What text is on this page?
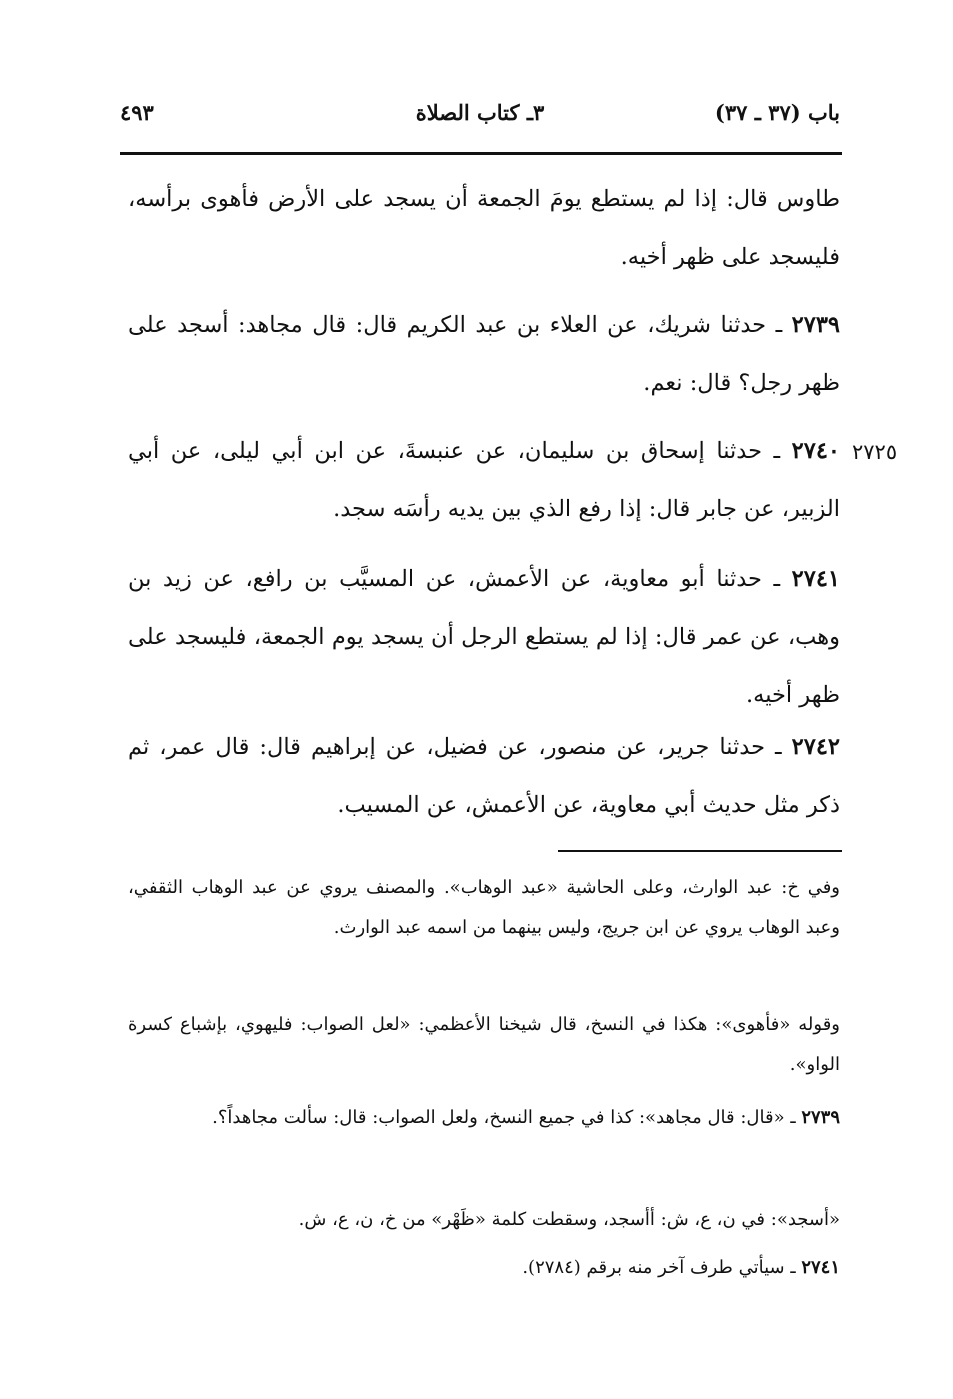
باب (٣٧ ـ ٣٧)
٣ـ كتاب الصلاة
٤٩٣

طاوس قال: إذا لم يستطع يومَ الجمعة أن يسجد على الأرض فأهوى برأسه، فليسجد على ظهر أخيه.

٢٧٣٩ ـ حدثنا شريك، عن العلاء بن عبد الكريم قال: قال مجاهد: أسجد على ظهر رجل؟ قال: نعم.

٢٧٢٥

٢٧٤٠ ـ حدثنا إسحاق بن سليمان، عن عنبسةَ، عن ابن أبي ليلى، عن أبي الزبير، عن جابر قال: إذا رفع الذي بين يديه رأسَه سجد.

٢٧٤١ ـ حدثنا أبو معاوية، عن الأعمش، عن المسيَّب بن رافع، عن زيد بن وهب، عن عمر قال: إذا لم يستطع الرجل أن يسجد يوم الجمعة، فليسجد على ظهر أخيه.

٢٧٤٢ ـ حدثنا جرير، عن منصور، عن فضيل، عن إبراهيم قال: قال عمر، ثم ذكر مثل حديث أبي معاوية، عن الأعمش، عن المسيب.

وفي خ: عبد الوارث، وعلى الحاشية «عبد الوهاب». والمصنف يروي عن عبد الوهاب الثقفي، وعبد الوهاب يروي عن ابن جريج، وليس بينهما من اسمه عبد الوارث.

وقوله «فأهوى»: هكذا في النسخ، قال شيخنا الأعظمي: «لعل الصواب: فليهوي، بإشباع كسرة الواو».

٢٧٣٩ ـ «قال: قال مجاهد»: كذا في جميع النسخ، ولعل الصواب: قال: سألت مجاهداً؟.

«أسجد»: في ن، ع، ش: أأسجد، وسقطت كلمة «ظَهْر» من خ، ن، ع، ش.

٢٧٤١ ـ سيأتي طرف آخر منه برقم (٢٧٨٤).
